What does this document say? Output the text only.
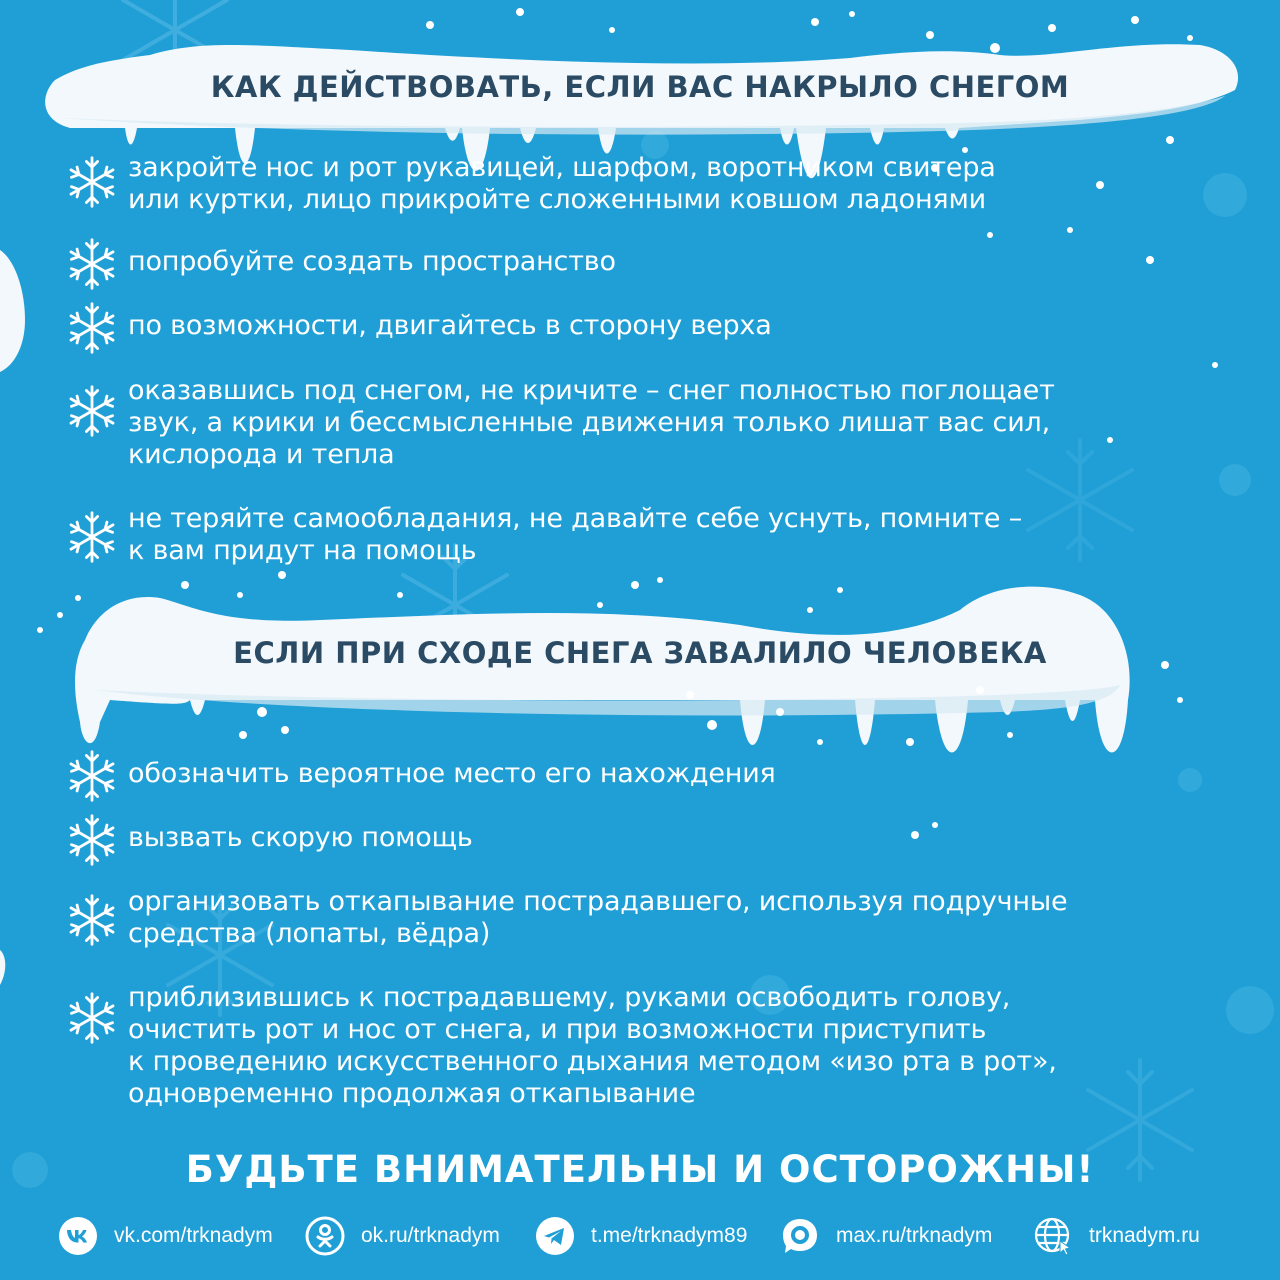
КАК ДЕЙСТВОВАТЬ, ЕСЛИ ВАС НАКРЫЛО СНЕГОМ
закройте нос и рот рукавицей, шарфом, воротником свитера
или куртки, лицо прикройте сложенными ковшом ладонями
попробуйте создать пространство
по возможности, двигайтесь в сторону верха
оказавшись под снегом, не кричите – снег полностью поглощает
звук, а крики и бессмысленные движения только лишат вас сил,
кислорода и тепла
не теряйте самообладания, не давайте себе уснуть, помните –
к вам придут на помощь
ЕСЛИ ПРИ СХОДЕ СНЕГА ЗАВАЛИЛО ЧЕЛОВЕКА
обозначить вероятное место его нахождения
вызвать скорую помощь
организовать откапывание пострадавшего, используя подручные
средства (лопаты, вёдра)
приблизившись к пострадавшему, руками освободить голову,
очистить рот и нос от снега, и при возможности приступить
к проведению искусственного дыхания методом «изо рта в рот»,
одновременно продолжая откапывание
БУДЬТЕ ВНИМАТЕЛЬНЫ И ОСТОРОЖНЫ!
vk.com/trknadym	ok.ru/trknadym	t.me/trknadym89	max.ru/trknadym	trknadym.ru
